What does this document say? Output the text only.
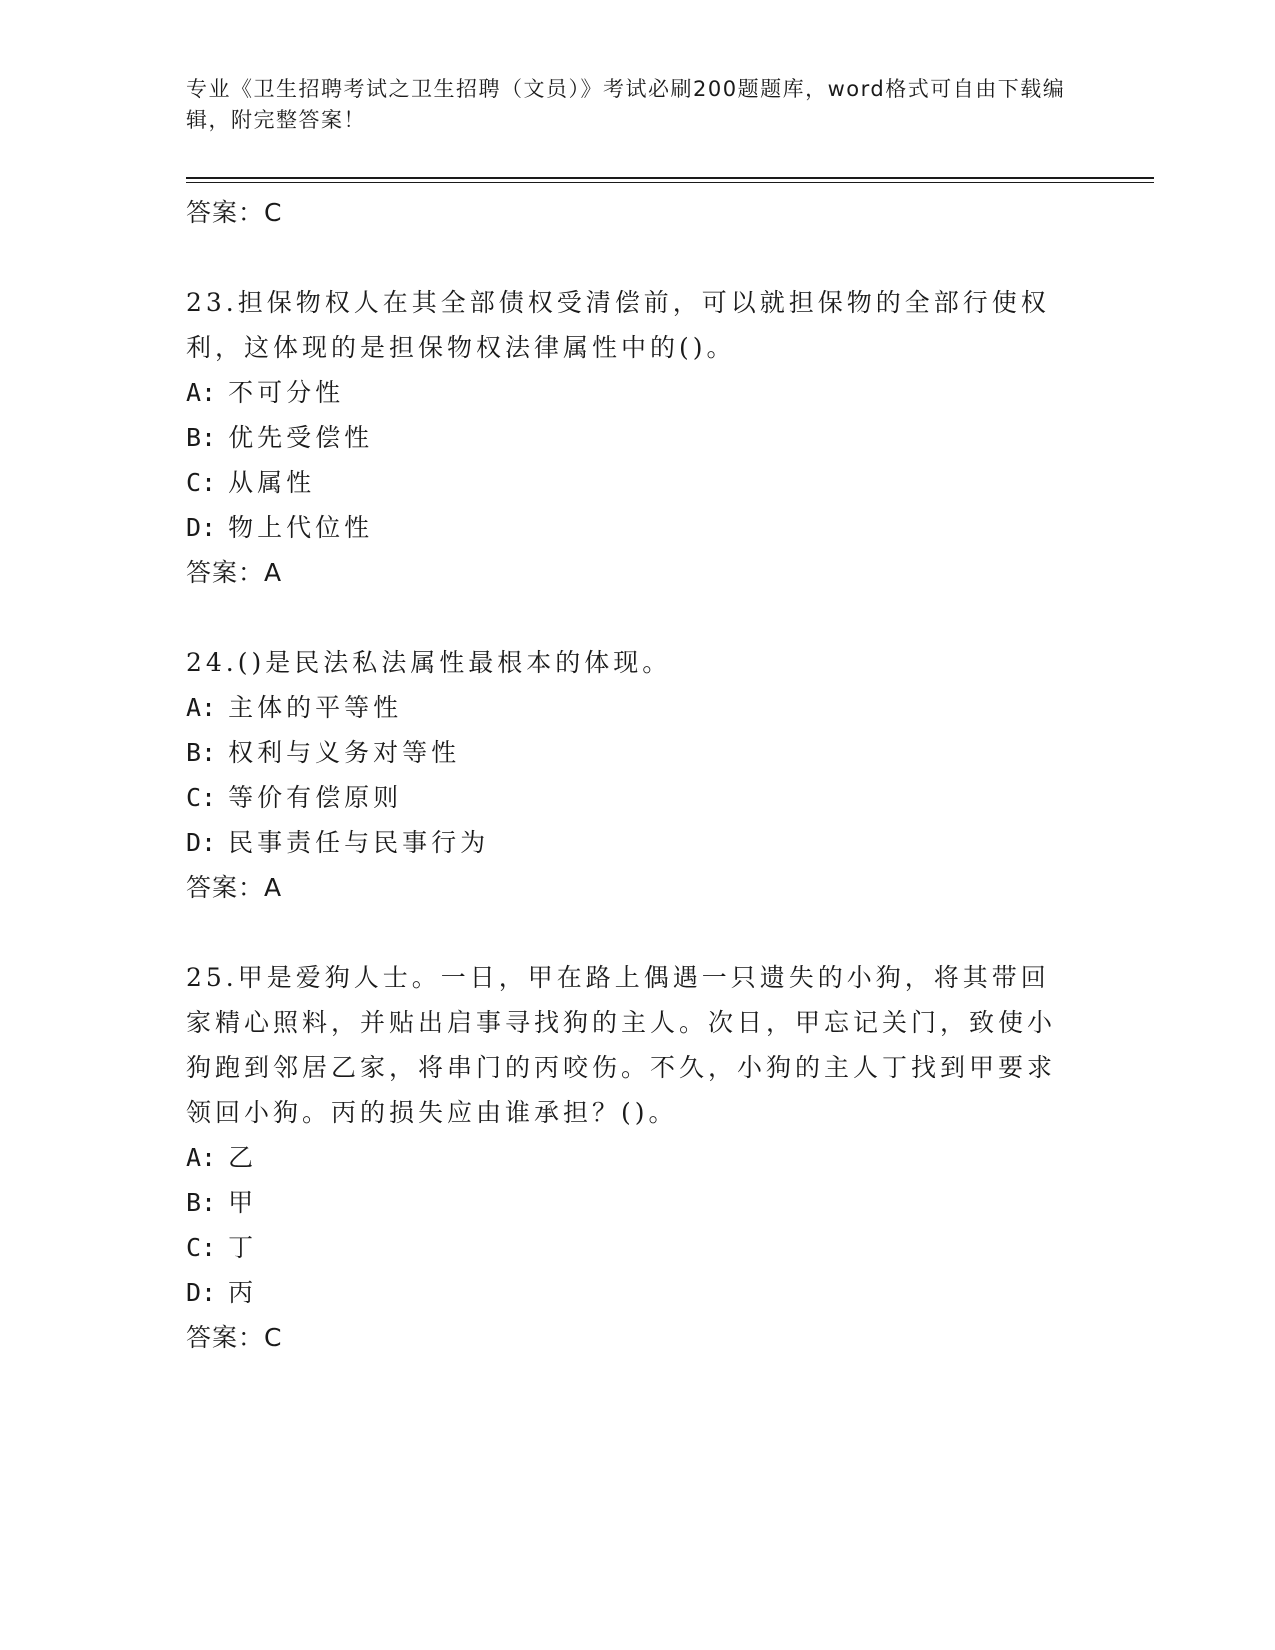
专业《卫生招聘考试之卫生招聘（文员）》考试必刷200题题库，word格式可自由下载编辑，附完整答案！
答案：C
23.担保物权人在其全部债权受清偿前，可以就担保物的全部行使权利，这体现的是担保物权法律属性中的()。
A: 不可分性
B: 优先受偿性
C: 从属性
D: 物上代位性
答案：A
24.()是民法私法属性最根本的体现。
A: 主体的平等性
B: 权利与义务对等性
C: 等价有偿原则
D: 民事责任与民事行为
答案：A
25.甲是爱狗人士。一日，甲在路上偶遇一只遗失的小狗，将其带回家精心照料，并贴出启事寻找狗的主人。次日，甲忘记关门，致使小狗跑到邻居乙家，将串门的丙咬伤。不久，小狗的主人丁找到甲要求领回小狗。丙的损失应由谁承担？()。
A: 乙
B: 甲
C: 丁
D: 丙
答案：C
